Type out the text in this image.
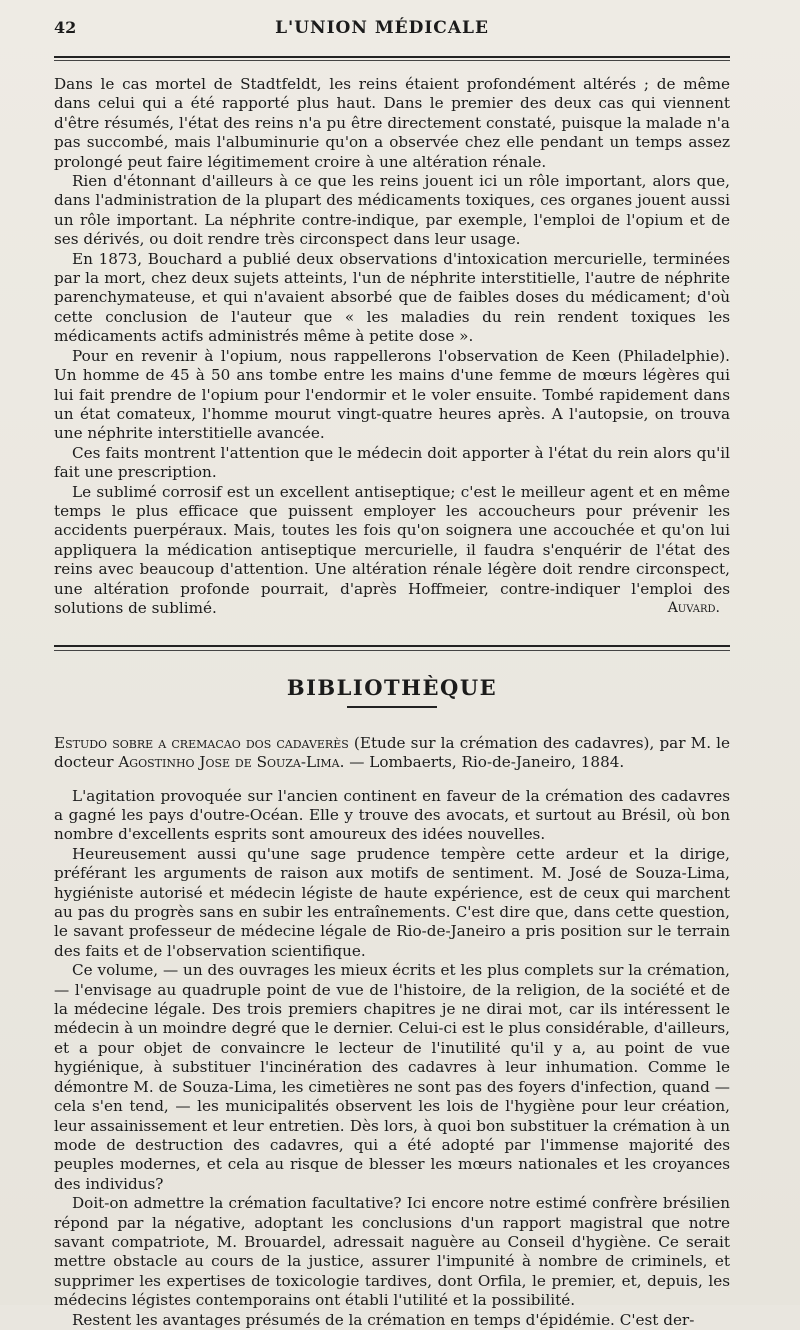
42	L'UNION MÉDICALE

Dans le cas mortel de Stadtfeldt, les reins étaient profondément altérés ; de même dans celui qui a été rapporté plus haut. Dans le premier des deux cas qui viennent d'être résumés, l'état des reins n'a pu être directement constaté, puisque la malade n'a pas succombé, mais l'albuminurie qu'on a observée chez elle pendant un temps assez prolongé peut faire légitimement croire à une altération rénale.

Rien d'étonnant d'ailleurs à ce que les reins jouent ici un rôle important, alors que, dans l'administration de la plupart des médicaments toxiques, ces organes jouent aussi un rôle important. La néphrite contre-indique, par exemple, l'emploi de l'opium et de ses dérivés, ou doit rendre très circonspect dans leur usage.

En 1873, Bouchard a publié deux observations d'intoxication mercurielle, terminées par la mort, chez deux sujets atteints, l'un de néphrite interstitielle, l'autre de néphrite parenchymateuse, et qui n'avaient absorbé que de faibles doses du médicament; d'où cette conclusion de l'auteur que « les maladies du rein rendent toxiques les médicaments actifs administrés même à petite dose ».

Pour en revenir à l'opium, nous rappellerons l'observation de Keen (Philadelphie). Un homme de 45 à 50 ans tombe entre les mains d'une femme de mœurs légères qui lui fait prendre de l'opium pour l'endormir et le voler ensuite. Tombé rapidement dans un état comateux, l'homme mourut vingt-quatre heures après. A l'autopsie, on trouva une néphrite interstitielle avancée.

Ces faits montrent l'attention que le médecin doit apporter à l'état du rein alors qu'il fait une prescription.

Le sublimé corrosif est un excellent antiseptique; c'est le meilleur agent et en même temps le plus efficace que puissent employer les accoucheurs pour prévenir les accidents puerpéraux. Mais, toutes les fois qu'on soignera une accouchée et qu'on lui appliquera la médication antiseptique mercurielle, il faudra s'enquérir de l'état des reins avec beaucoup d'attention. Une altération rénale légère doit rendre circonspect, une altération profonde pourrait, d'après Hoffmeier, contre-indiquer l'emploi des solutions de sublimé.	Auvard.
BIBLIOTHÈQUE
Estudo sobre a cremacao dos cadaverès (Etude sur la crémation des cadavres), par M. le docteur Agostinho Jose de Souza-Lima. — Lombaerts, Rio-de-Janeiro, 1884.

L'agitation provoquée sur l'ancien continent en faveur de la crémation des cadavres a gagné les pays d'outre-Océan. Elle y trouve des avocats, et surtout au Brésil, où bon nombre d'excellents esprits sont amoureux des idées nouvelles.

Heureusement aussi qu'une sage prudence tempère cette ardeur et la dirige, préférant les arguments de raison aux motifs de sentiment. M. José de Souza-Lima, hygiéniste autorisé et médecin légiste de haute expérience, est de ceux qui marchent au pas du progrès sans en subir les entraînements. C'est dire que, dans cette question, le savant professeur de médecine légale de Rio-de-Janeiro a pris position sur le terrain des faits et de l'observation scientifique.

Ce volume, — un des ouvrages les mieux écrits et les plus complets sur la crémation, — l'envisage au quadruple point de vue de l'histoire, de la religion, de la société et de la médecine légale. Des trois premiers chapitres je ne dirai mot, car ils intéressent le médecin à un moindre degré que le dernier. Celui-ci est le plus considérable, d'ailleurs, et a pour objet de convaincre le lecteur de l'inutilité qu'il y a, au point de vue hygiénique, à substituer l'incinération des cadavres à leur inhumation. Comme le démontre M. de Souza-Lima, les cimetières ne sont pas des foyers d'infection, quand — cela s'en tend, — les municipalités observent les lois de l'hygiène pour leur création, leur assainissement et leur entretien. Dès lors, à quoi bon substituer la crémation à un mode de destruction des cadavres, qui a été adopté par l'immense majorité des peuples modernes, et cela au risque de blesser les mœurs nationales et les croyances des individus?

Doit-on admettre la crémation facultative? Ici encore notre estimé confrère brésilien répond par la négative, adoptant les conclusions d'un rapport magistral que notre savant compatriote, M. Brouardel, adressait naguère au Conseil d'hygiène. Ce serait mettre obstacle au cours de la justice, assurer l'impunité à nombre de criminels, et supprimer les expertises de toxicologie tardives, dont Orfila, le premier, et, depuis, les médecins légistes contemporains ont établi l'utilité et la possibilité.

Restent les avantages présumés de la crémation en temps d'épidémie. C'est der-
